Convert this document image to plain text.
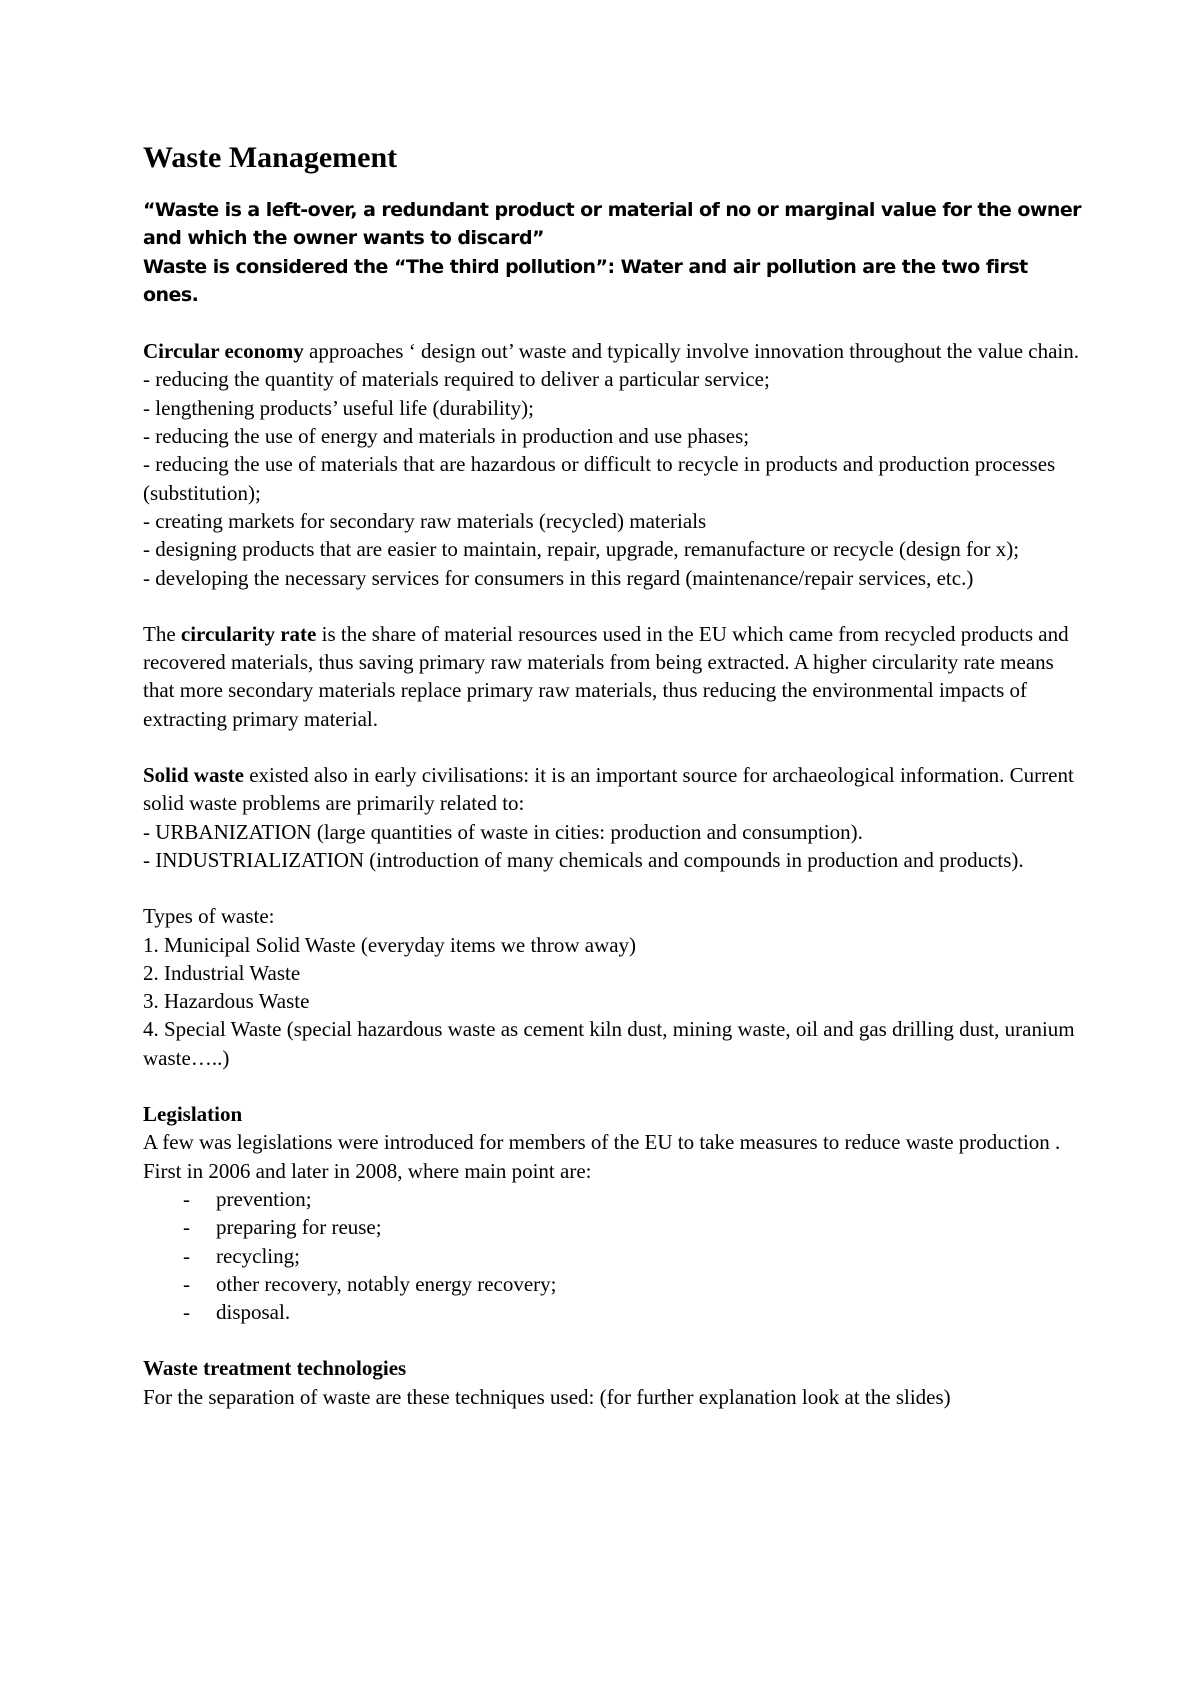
Waste Management

“Waste is a left-over, a redundant product or material of no or marginal value for the owner and which the owner wants to discard”

Waste is considered the “The third pollution”: Water and air pollution are the two first ones.

Circular economy approaches ‘ design out’ waste and typically involve innovation throughout the value chain.

- reducing the quantity of materials required to deliver a particular service;

- lengthening products’ useful life (durability);

- reducing the use of energy and materials in production and use phases;

- reducing the use of materials that are hazardous or difficult to recycle in products and production processes (substitution);

- creating markets for secondary raw materials (recycled) materials

- designing products that are easier to maintain, repair, upgrade, remanufacture or recycle (design for x);

- developing the necessary services for consumers in this regard (maintenance/repair services, etc.)

The circularity rate is the share of material resources used in the EU which came from recycled products and recovered materials, thus saving primary raw materials from being extracted. A higher circularity rate means that more secondary materials replace primary raw materials, thus reducing the environmental impacts of extracting primary material.

Solid waste existed also in early civilisations: it is an important source for archaeological information. Current solid waste problems are primarily related to:

- URBANIZATION (large quantities of waste in cities: production and consumption).

- INDUSTRIALIZATION (introduction of many chemicals and compounds in production and products).

Types of waste:

1. Municipal Solid Waste (everyday items we throw away)

2. Industrial Waste

3. Hazardous Waste

4. Special Waste (special hazardous waste as cement kiln dust, mining waste, oil and gas drilling dust, uranium waste…..)

Legislation

A few was legislations were introduced for members of the EU to take measures to reduce waste production . First in 2006 and later in 2008, where main point are:

- prevention;
- preparing for reuse;
- recycling;
- other recovery, notably energy recovery;
- disposal.

Waste treatment technologies

For the separation of waste are these techniques used: (for further explanation look at the slides)
